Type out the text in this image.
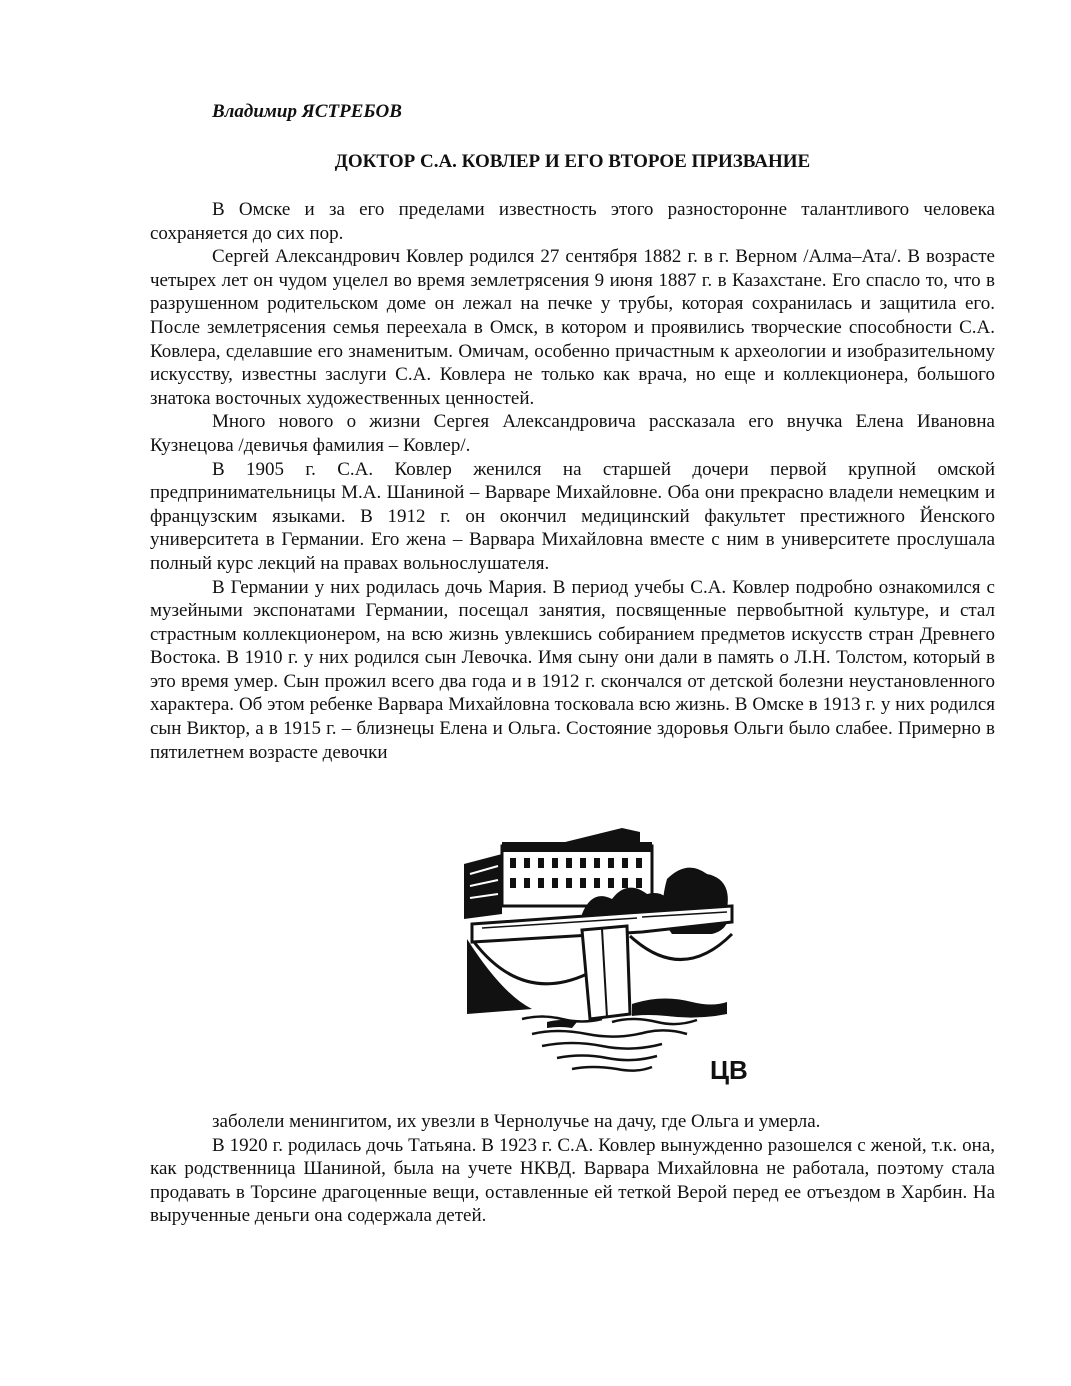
Владимир ЯСТРЕБОВ
ДОКТОР С.А. КОВЛЕР И ЕГО ВТОРОЕ ПРИЗВАНИЕ

В Омске и за его пределами известность этого разносторонне талантливого человека сохраняется до сих пор.

Сергей Александрович Ковлер родился 27 сентября 1882 г. в г. Верном /Алма–Ата/. В возрасте четырех лет он чудом уцелел во время землетрясения 9 июня 1887 г. в Казахстане. Его спасло то, что в разрушенном родительском доме он лежал на печке у трубы, которая сохранилась и защитила его. После землетрясения семья переехала в Омск, в котором и проявились творческие способности С.А. Ковлера, сделавшие его знаменитым. Омичам, особенно причастным к археологии и изобразительному искусству, известны заслуги С.А. Ковлера не только как врача, но еще и коллекционера, большого знатока восточных художественных ценностей.

Много нового о жизни Сергея Александровича рассказала его внучка Елена Ивановна Кузнецова /девичья фамилия – Ковлер/.

В 1905 г. С.А. Ковлер женился на старшей дочери первой крупной омской предпринимательницы М.А. Шаниной – Варваре Михайловне. Оба они прекрасно владели немецким и французским языками. В 1912 г. он окончил медицинский факультет престижного Йенского университета в Германии. Его жена – Варвара Михайловна вместе с ним в университете прослушала полный курс лекций на правах вольнослушателя.

В Германии у них родилась дочь Мария. В период учебы С.А. Ковлер подробно ознакомился с музейными экспонатами Германии, посещал занятия, посвященные первобытной культуре, и стал страстным коллекционером, на всю жизнь увлекшись собиранием предметов искусств стран Древнего Востока. В 1910 г. у них родился сын Левочка. Имя сыну они дали в память о Л.Н. Толстом, который в это время умер. Сын прожил всего два года и в 1912 г. скончался от детской болезни неустановленного характера. Об этом ребенке Варвара Михайловна тосковала всю жизнь. В Омске в 1913 г. у них родился сын Виктор, а в 1915 г. – близнецы Елена и Ольга. Состояние здоровья Ольги было слабее. Примерно в пятилетнем возрасте девочки

ЦВ

заболели менингитом, их увезли в Чернолучье на дачу, где Ольга и умерла.

В 1920 г. родилась дочь Татьяна. В 1923 г. С.А. Ковлер вынужденно разошелся с женой, т.к. она, как родственница Шаниной, была на учете НКВД. Варвара Михайловна не работала, поэтому стала продавать в Торсине драгоценные вещи, оставленные ей теткой Верой перед ее отъездом в Харбин. На вырученные деньги она содержала детей.
